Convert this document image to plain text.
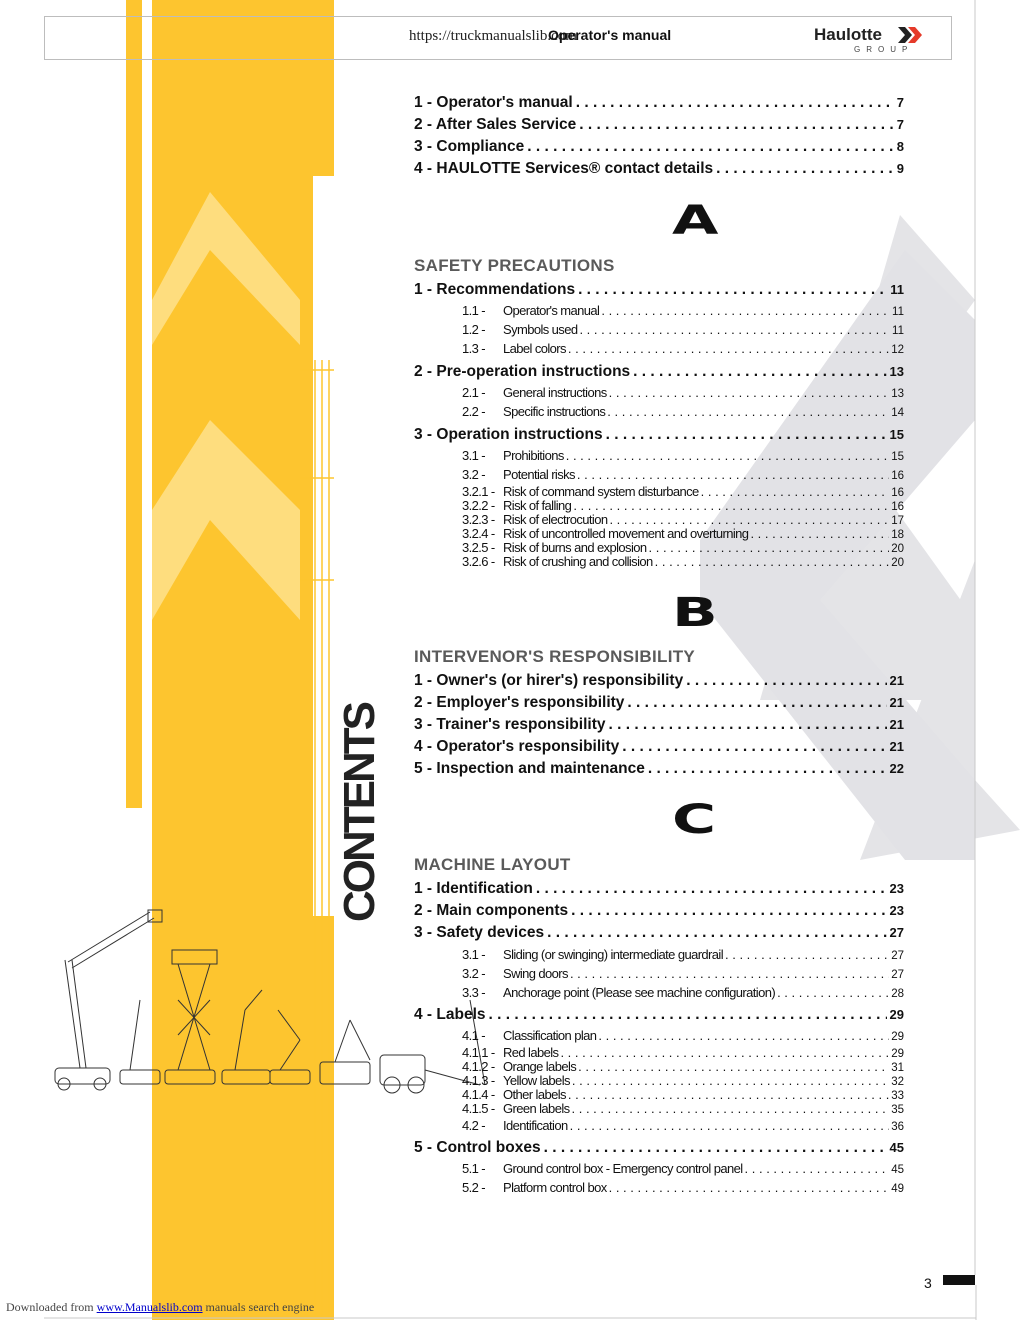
https://truckmanualslib.com
Operator's manual	Haulotte
GROUP
CONTENTS
1 - Operator's manual . . .	7
2 - After Sales Service . . .	7
3 - Compliance . . .	8
4 - HAULOTTE Services® contact details . . .	9
A
SAFETY PRECAUTIONS
1 - Recommendations . . .	11
1.1 -	Operator's manual . . .	11
1.2 -	Symbols used . . .	11
1.3 -	Label colors . . .	12
2 - Pre-operation instructions . . .	13
2.1 -	General instructions . . .	13
2.2 -	Specific instructions . . .	14
3 - Operation instructions . . .	15
3.1 -	Prohibitions . . .	15
3.2 -	Potential risks . . .	16
3.2.1 - Risk of command system disturbance . . .	16
3.2.2 - Risk of falling . . .	16
3.2.3 - Risk of electrocution . . .	17
3.2.4 - Risk of uncontrolled movement and overturning . . .	18
3.2.5 - Risk of burns and explosion . . .	20
3.2.6 - Risk of crushing and collision . . .	20
B
INTERVENOR'S RESPONSIBILITY
1 - Owner's (or hirer's) responsibility . . .	21
2 - Employer's responsibility . . .	21
3 - Trainer's responsibility . . .	21
4 - Operator's responsibility . . .	21
5 - Inspection and maintenance . . .	22
C
MACHINE LAYOUT
1 - Identification . . .	23
2 - Main components . . .	23
3 - Safety devices . . .	27
3.1 -	Sliding (or swinging) intermediate guardrail . . .	27
3.2 -	Swing doors . . .	27
3.3 -	Anchorage point (Please see machine configuration) . . .	28
4 - Labels . . .	29
4.1 -	Classification plan . . .	29
4.1.1 - Red labels . . .	29
4.1.2 - Orange labels . . .	31
4.1.3 - Yellow labels . . .	32
4.1.4 - Other labels . . .	33
4.1.5 - Green labels . . .	35
4.2 -	Identification . . .	36
5 - Control boxes . . .	45
5.1 -	Ground control box - Emergency control panel . . .	45
5.2 -	Platform control box . . .	49
3
Downloaded from www.Manualslib.com manuals search engine
